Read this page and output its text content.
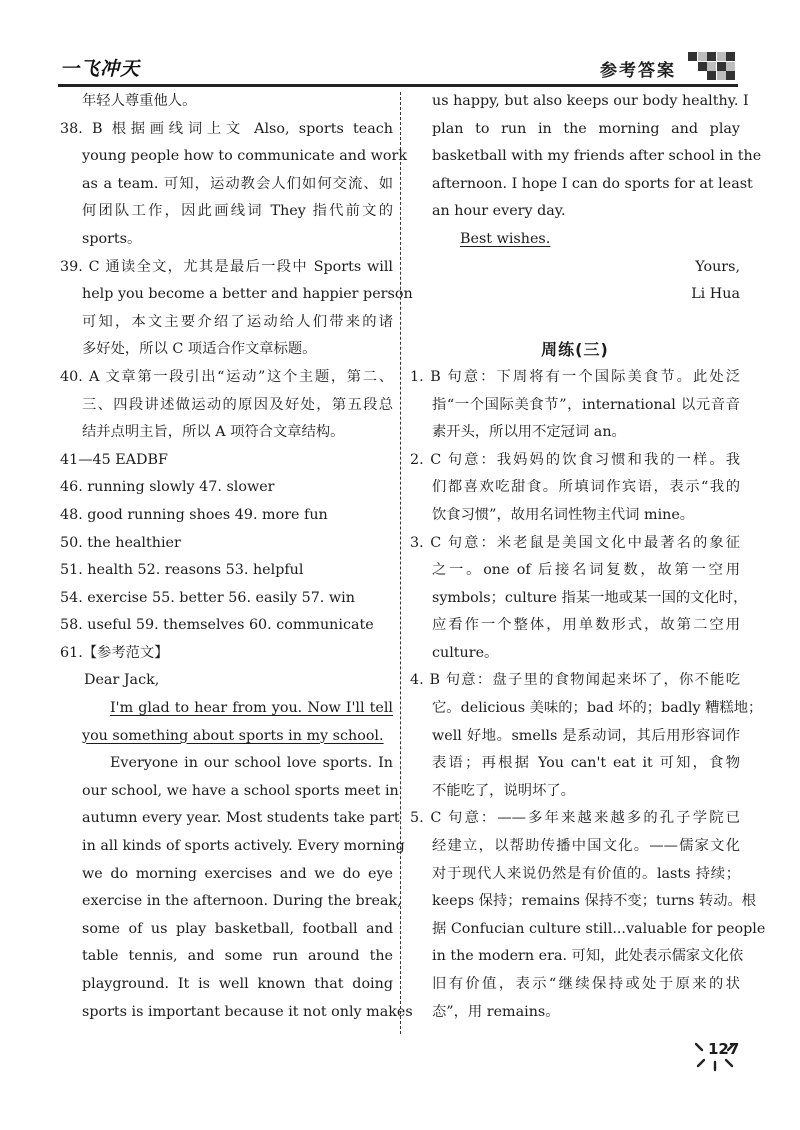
一飞冲天	参考答案
年轻人尊重他人。
38. B 根据画线词上文 Also, sports teach
young people how to communicate and work
as a team. 可知，运动教会人们如何交流、如
何团队工作，因此画线词 They 指代前文的
sports。
39. C 通读全文，尤其是最后一段中 Sports will
help you become a better and happier person
可知，本文主要介绍了运动给人们带来的诸
多好处，所以 C 项适合作文章标题。
40. A 文章第一段引出“运动”这个主题，第二、
三、四段讲述做运动的原因及好处，第五段总
结并点明主旨，所以 A 项符合文章结构。
41—45 EADBF
46. running slowly 47. slower
48. good running shoes 49. more fun
50. the healthier
51. health 52. reasons 53. helpful
54. exercise 55. better 56. easily 57. win
58. useful 59. themselves 60. communicate
61.【参考范文】
Dear Jack,
I'm glad to hear from you. Now I'll tell
you something about sports in my school.
Everyone in our school love sports. In
our school, we have a school sports meet in
autumn every year. Most students take part
in all kinds of sports actively. Every morning
we do morning exercises and we do eye
exercise in the afternoon. During the break,
some of us play basketball, football and
table tennis, and some run around the
playground. It is well known that doing
sports is important because it not only makes
us happy, but also keeps our body healthy. I
plan to run in the morning and play
basketball with my friends after school in the
afternoon. I hope I can do sports for at least
an hour every day.
Best wishes.
Yours,
Li Hua
周练(三)
1. B 句意：下周将有一个国际美食节。此处泛
指“一个国际美食节”，international 以元音音
素开头，所以用不定冠词 an。
2. C 句意：我妈妈的饮食习惯和我的一样。我
们都喜欢吃甜食。所填词作宾语，表示“我的
饮食习惯”，故用名词性物主代词 mine。
3. C 句意：米老鼠是美国文化中最著名的象征
之一。one of 后接名词复数，故第一空用
symbols；culture 指某一地或某一国的文化时，
应看作一个整体，用单数形式，故第二空用
culture。
4. B 句意：盘子里的食物闻起来坏了，你不能吃
它。delicious 美味的；bad 坏的；badly 糟糕地；
well 好地。smells 是系动词，其后用形容词作
表语；再根据 You can't eat it 可知，食物
不能吃了，说明坏了。
5. C 句意：——多年来越来越多的孔子学院已
经建立，以帮助传播中国文化。——儒家文化
对于现代人来说仍然是有价值的。lasts 持续；
keeps 保持；remains 保持不变；turns 转动。根
据 Confucian culture still...valuable for people
in the modern era. 可知，此处表示儒家文化依
旧有价值，表示“继续保持或处于原来的状
态”，用 remains。
127
